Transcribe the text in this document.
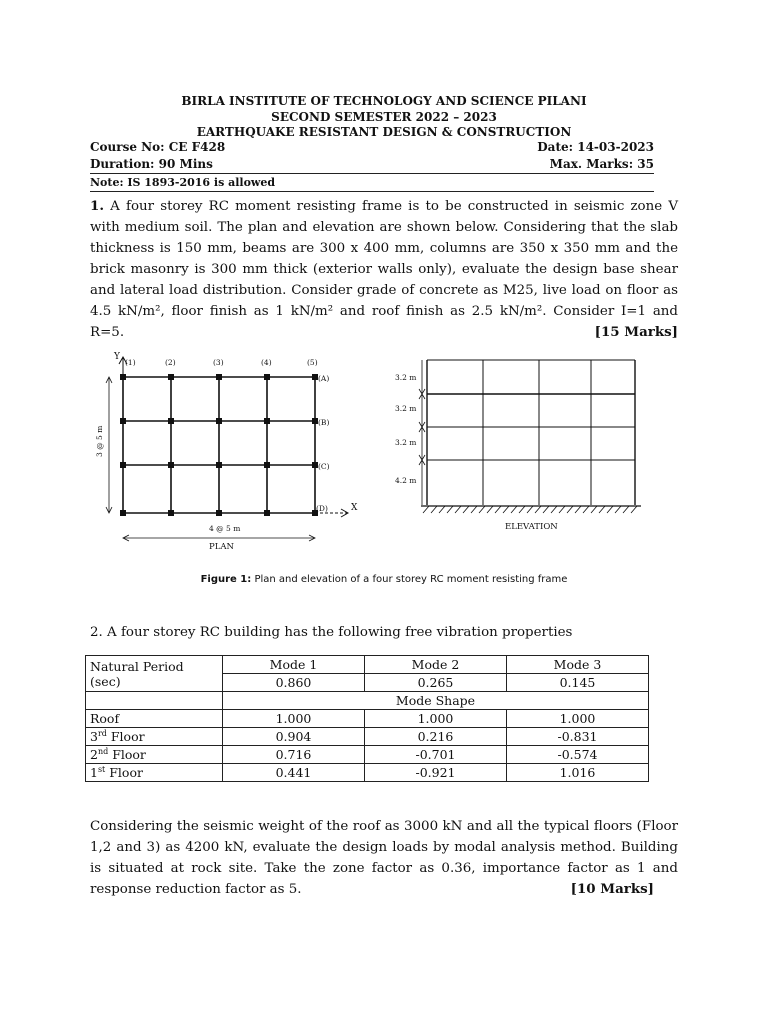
BIRLA INSTITUTE OF TECHNOLOGY AND SCIENCE PILANI
SECOND SEMESTER 2022 – 2023
EARTHQUAKE RESISTANT DESIGN & CONSTRUCTION
Course No: CE F428	Date: 14-03-2023
Duration: 90 Mins	Max. Marks: 35
Note: IS 1893-2016 is allowed
1. A four storey RC moment resisting frame is to be constructed in seismic zone V with medium soil. The plan and elevation are shown below. Considering that the slab thickness is 150 mm, beams are 300 x 400 mm, columns are 350 x 350 mm and the brick masonry is 300 mm thick (exterior walls only), evaluate the design base shear and lateral load distribution. Consider grade of concrete as M25, live load on floor as 4.5 kN/m², floor finish as 1 kN/m² and roof finish as 2.5 kN/m². Consider I=1 and R=5.	[15 Marks]
Y
(1)	(2)	(3)	(4)	(5)
(A)
(B)
(C)
(D)	X
4 @ 5 m
3 @ 5 m
PLAN
3.2 m
3.2 m
3.2 m
4.2 m
ELEVATION
Figure 1: Plan and elevation of a four storey RC moment resisting frame
2. A four storey RC building has the following free vibration properties
Natural Period (sec)	Mode 1	Mode 2	Mode 3
	0.860	0.265	0.145
	Mode Shape		
Roof	1.000	1.000	1.000
3rd Floor	0.904	0.216	-0.831
2nd Floor	0.716	-0.701	-0.574
1st Floor	0.441	-0.921	1.016
Considering the seismic weight of the roof as 3000 kN and all the typical floors (Floor 1,2 and 3) as 4200 kN, evaluate the design loads by modal analysis method. Building is situated at rock site. Take the zone factor as 0.36, importance factor as 1 and response reduction factor as 5.	[10 Marks]
